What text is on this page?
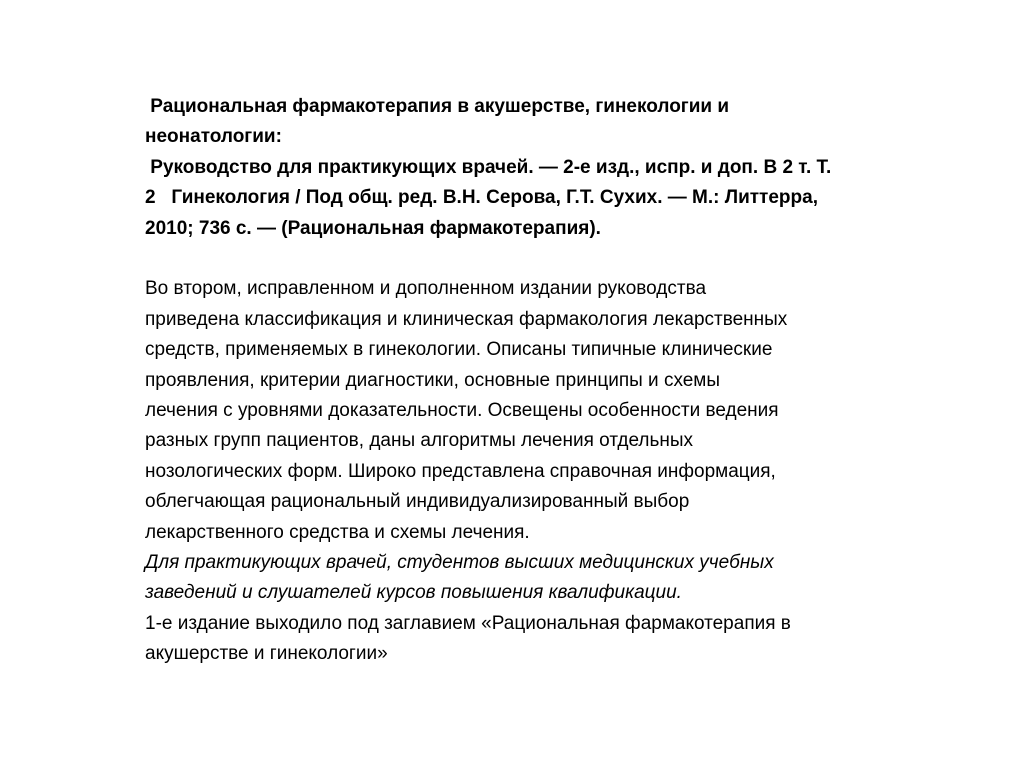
Рациональная фармакотерапия в акушерстве, гинекологии и
неонатологии:
Руководство для практикующих врачей. — 2-е изд., испр. и доп. В 2 т. Т.
2   Гинекология / Под общ. ред. В.Н. Серова, Г.Т. Сухих. — М.: Литтерра,
2010; 736 с. — (Рациональная фармакотерапия).
Во втором, исправленном и дополненном издании руководства
приведена классификация и клиническая фармакология лекарственных
средств, применяемых в гинекологии. Описаны типичные клинические
проявления, критерии диагностики, основные принципы и схемы
лечения с уровнями доказательности. Освещены особенности ведения
разных групп пациентов, даны алгоритмы лечения отдельных
нозологических форм. Широко представлена справочная информация,
облегчающая рациональный индивидуализированный выбор
лекарственного средства и схемы лечения.
Для практикующих врачей, студентов высших медицинских учебных
заведений и слушателей курсов повышения квалификации.
1-е издание выходило под заглавием «Рациональная фармакотерапия в
акушерстве и гинекологии»
